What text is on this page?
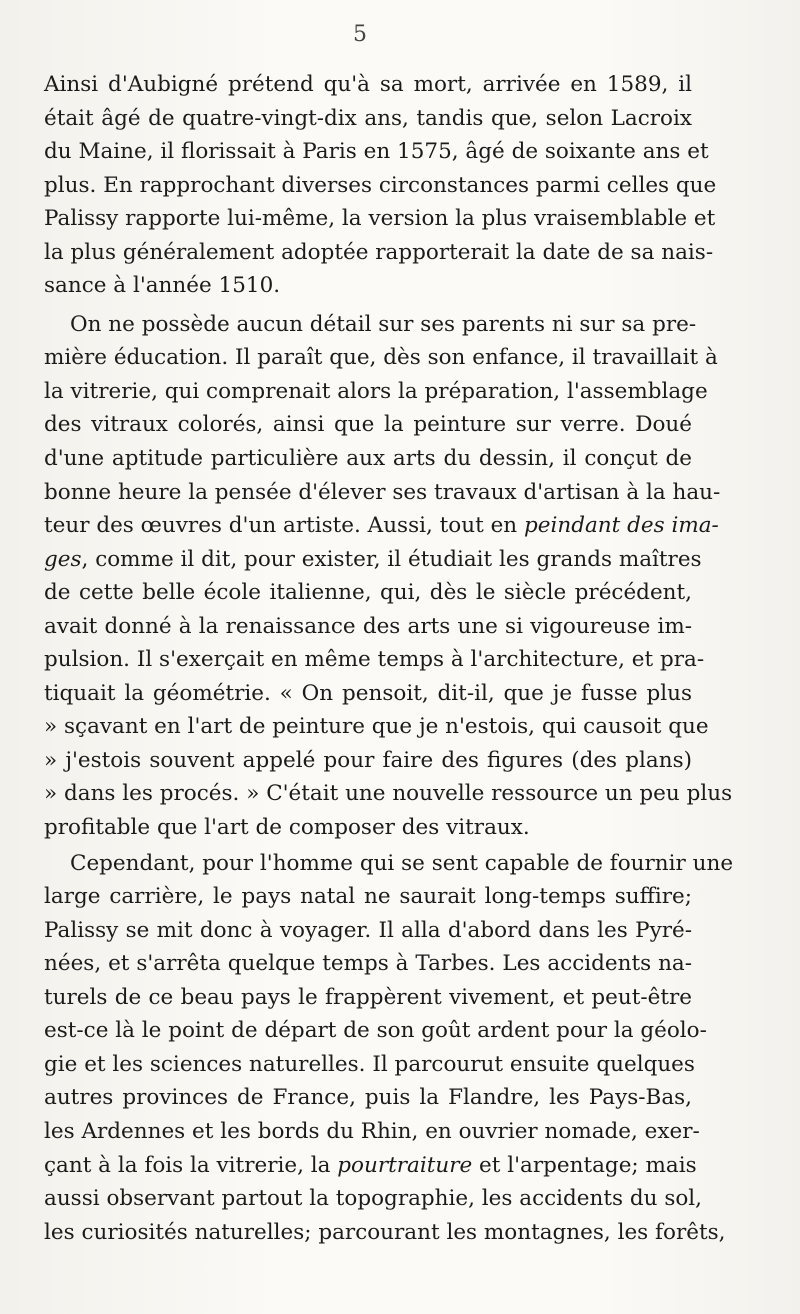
5
Ainsi d'Aubigné prétend qu'à sa mort, arrivée en 1589, il
était âgé de quatre-vingt-dix ans, tandis que, selon Lacroix
du Maine, il florissait à Paris en 1575, âgé de soixante ans et
plus. En rapprochant diverses circonstances parmi celles que
Palissy rapporte lui-même, la version la plus vraisemblable et
la plus généralement adoptée rapporterait la date de sa nais-
sance à l'année 1510.
On ne possède aucun détail sur ses parents ni sur sa pre-
mière éducation. Il paraît que, dès son enfance, il travaillait à
la vitrerie, qui comprenait alors la préparation, l'assemblage
des vitraux colorés, ainsi que la peinture sur verre. Doué
d'une aptitude particulière aux arts du dessin, il conçut de
bonne heure la pensée d'élever ses travaux d'artisan à la hau-
teur des œuvres d'un artiste. Aussi, tout en peindant des ima-
ges, comme il dit, pour exister, il étudiait les grands maîtres
de cette belle école italienne, qui, dès le siècle précédent,
avait donné à la renaissance des arts une si vigoureuse im-
pulsion. Il s'exerçait en même temps à l'architecture, et pra-
tiquait la géométrie. « On pensoit, dit-il, que je fusse plus
» sçavant en l'art de peinture que je n'estois, qui causoit que
» j'estois souvent appelé pour faire des figures (des plans)
» dans les procés. » C'était une nouvelle ressource un peu plus
profitable que l'art de composer des vitraux.
Cependant, pour l'homme qui se sent capable de fournir une
large carrière, le pays natal ne saurait long-temps suffire;
Palissy se mit donc à voyager. Il alla d'abord dans les Pyré-
nées, et s'arrêta quelque temps à Tarbes. Les accidents na-
turels de ce beau pays le frappèrent vivement, et peut-être
est-ce là le point de départ de son goût ardent pour la géolo-
gie et les sciences naturelles. Il parcourut ensuite quelques
autres provinces de France, puis la Flandre, les Pays-Bas,
les Ardennes et les bords du Rhin, en ouvrier nomade, exer-
çant à la fois la vitrerie, la pourtraiture et l'arpentage; mais
aussi observant partout la topographie, les accidents du sol,
les curiosités naturelles; parcourant les montagnes, les forêts,
